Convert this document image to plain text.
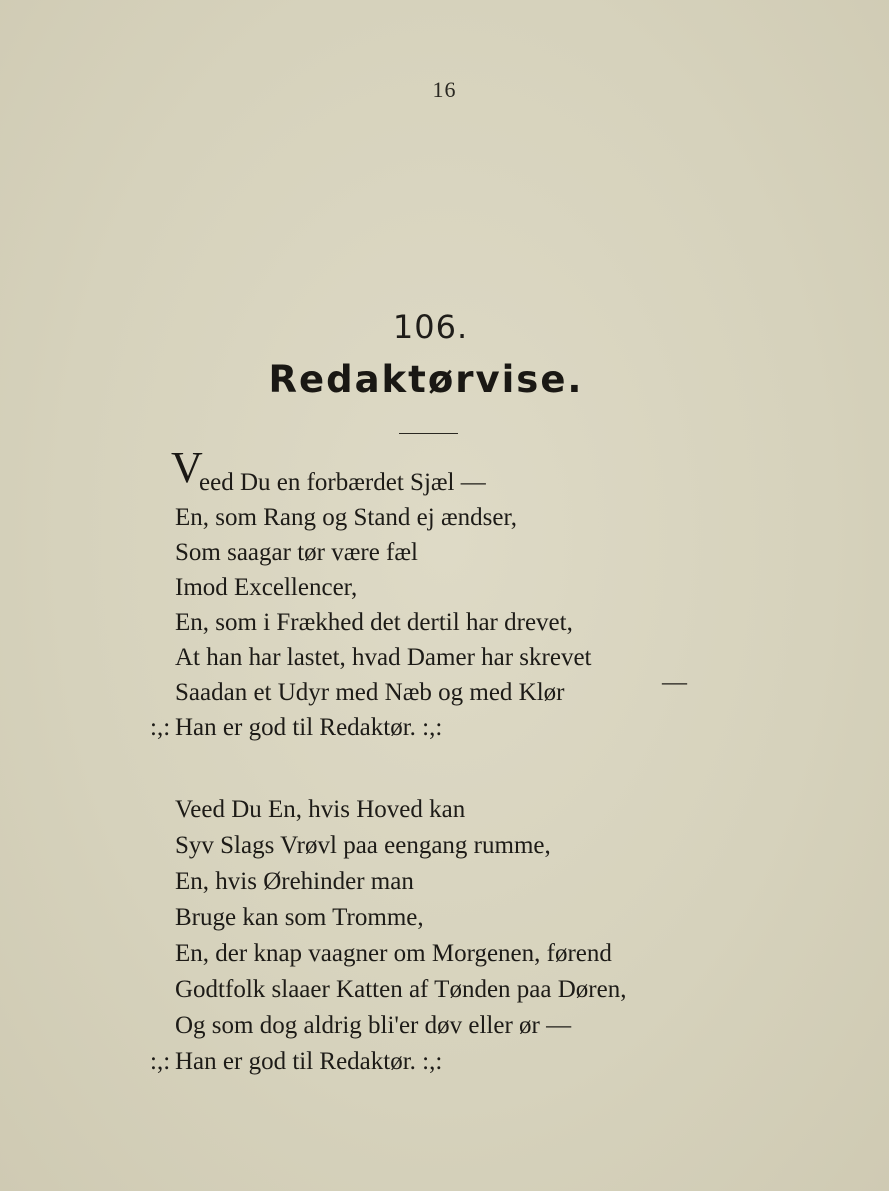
16
106.
Redaktørvise.
V
eed Du en forbærdet Sjæl —
En, som Rang og Stand ej ændser,
Som saagar tør være fæl
Imod Excellencer,
En, som i Frækhed det dertil har drevet,
At han har lastet, hvad Damer har skrevet
—
Saadan et Udyr med Næb og med Klør
:,: Han er god til Redaktør. :,:
Veed Du En, hvis Hoved kan
Syv Slags Vrøvl paa eengang rumme,
En, hvis Ørehinder man
Bruge kan som Tromme,
En, der knap vaagner om Morgenen, førend
Godtfolk slaaer Katten af Tønden paa Døren,
Og som dog aldrig bli'er døv eller ør —
:,: Han er god til Redaktør. :,:
